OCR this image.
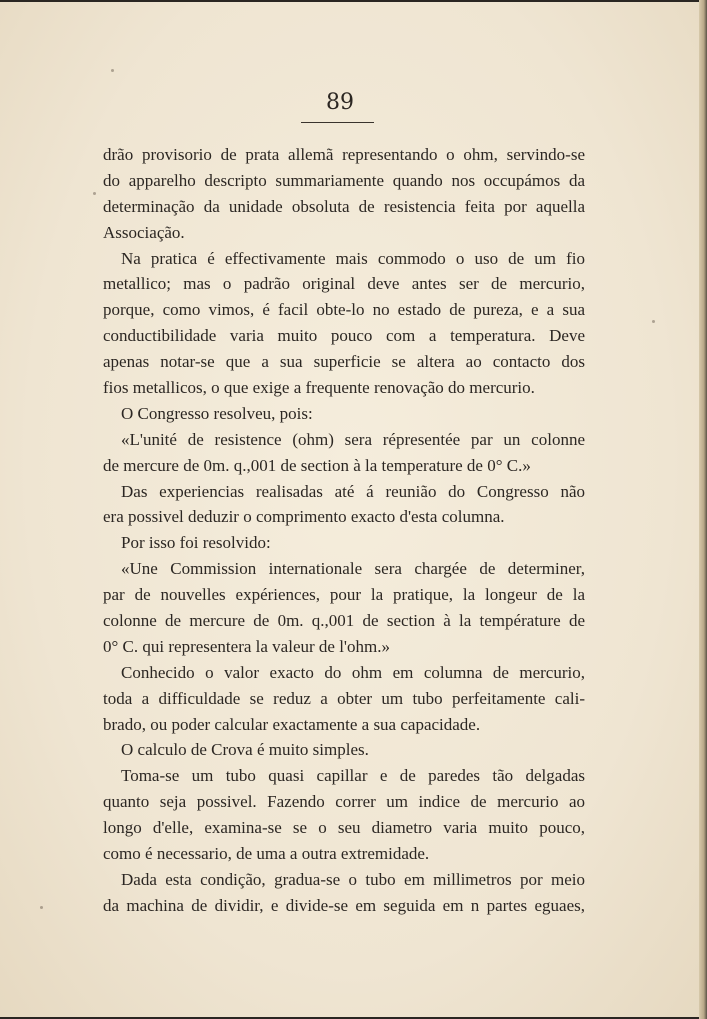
89
drão provisorio de prata allemã representando o ohm, servindo-se
do apparelho descripto summariamente quando nos occupámos da
determinação da unidade obsoluta de resistencia feita por aquella
Associação.
Na pratica é effectivamente mais commodo o uso de um fio
metallico; mas o padrão original deve antes ser de mercurio,
porque, como vimos, é facil obte-lo no estado de pureza, e a sua
conductibilidade varia muito pouco com a temperatura. Deve
apenas notar-se que a sua superficie se altera ao contacto dos
fios metallicos, o que exige a frequente renovação do mercurio.
O Congresso resolveu, pois:
«L'unité de resistence (ohm) sera répresentée par un colonne
de mercure de 0m. q.,001 de section à la temperature de 0° C.»
Das experiencias realisadas até á reunião do Congresso não
era possivel deduzir o comprimento exacto d'esta columna.
Por isso foi resolvido:
«Une Commission internationale sera chargée de determiner,
par de nouvelles expériences, pour la pratique, la longeur de la
colonne de mercure de 0m. q.,001 de section à la température de
0° C. qui representera la valeur de l'ohm.»
Conhecido o valor exacto do ohm em columna de mercurio,
toda a difficuldade se reduz a obter um tubo perfeitamente cali-
brado, ou poder calcular exactamente a sua capacidade.
O calculo de Crova é muito simples.
Toma-se um tubo quasi capillar e de paredes tão delgadas
quanto seja possivel. Fazendo correr um indice de mercurio ao
longo d'elle, examina-se se o seu diametro varia muito pouco,
como é necessario, de uma a outra extremidade.
Dada esta condição, gradua-se o tubo em millimetros por meio
da machina de dividir, e divide-se em seguida em n partes eguaes,
